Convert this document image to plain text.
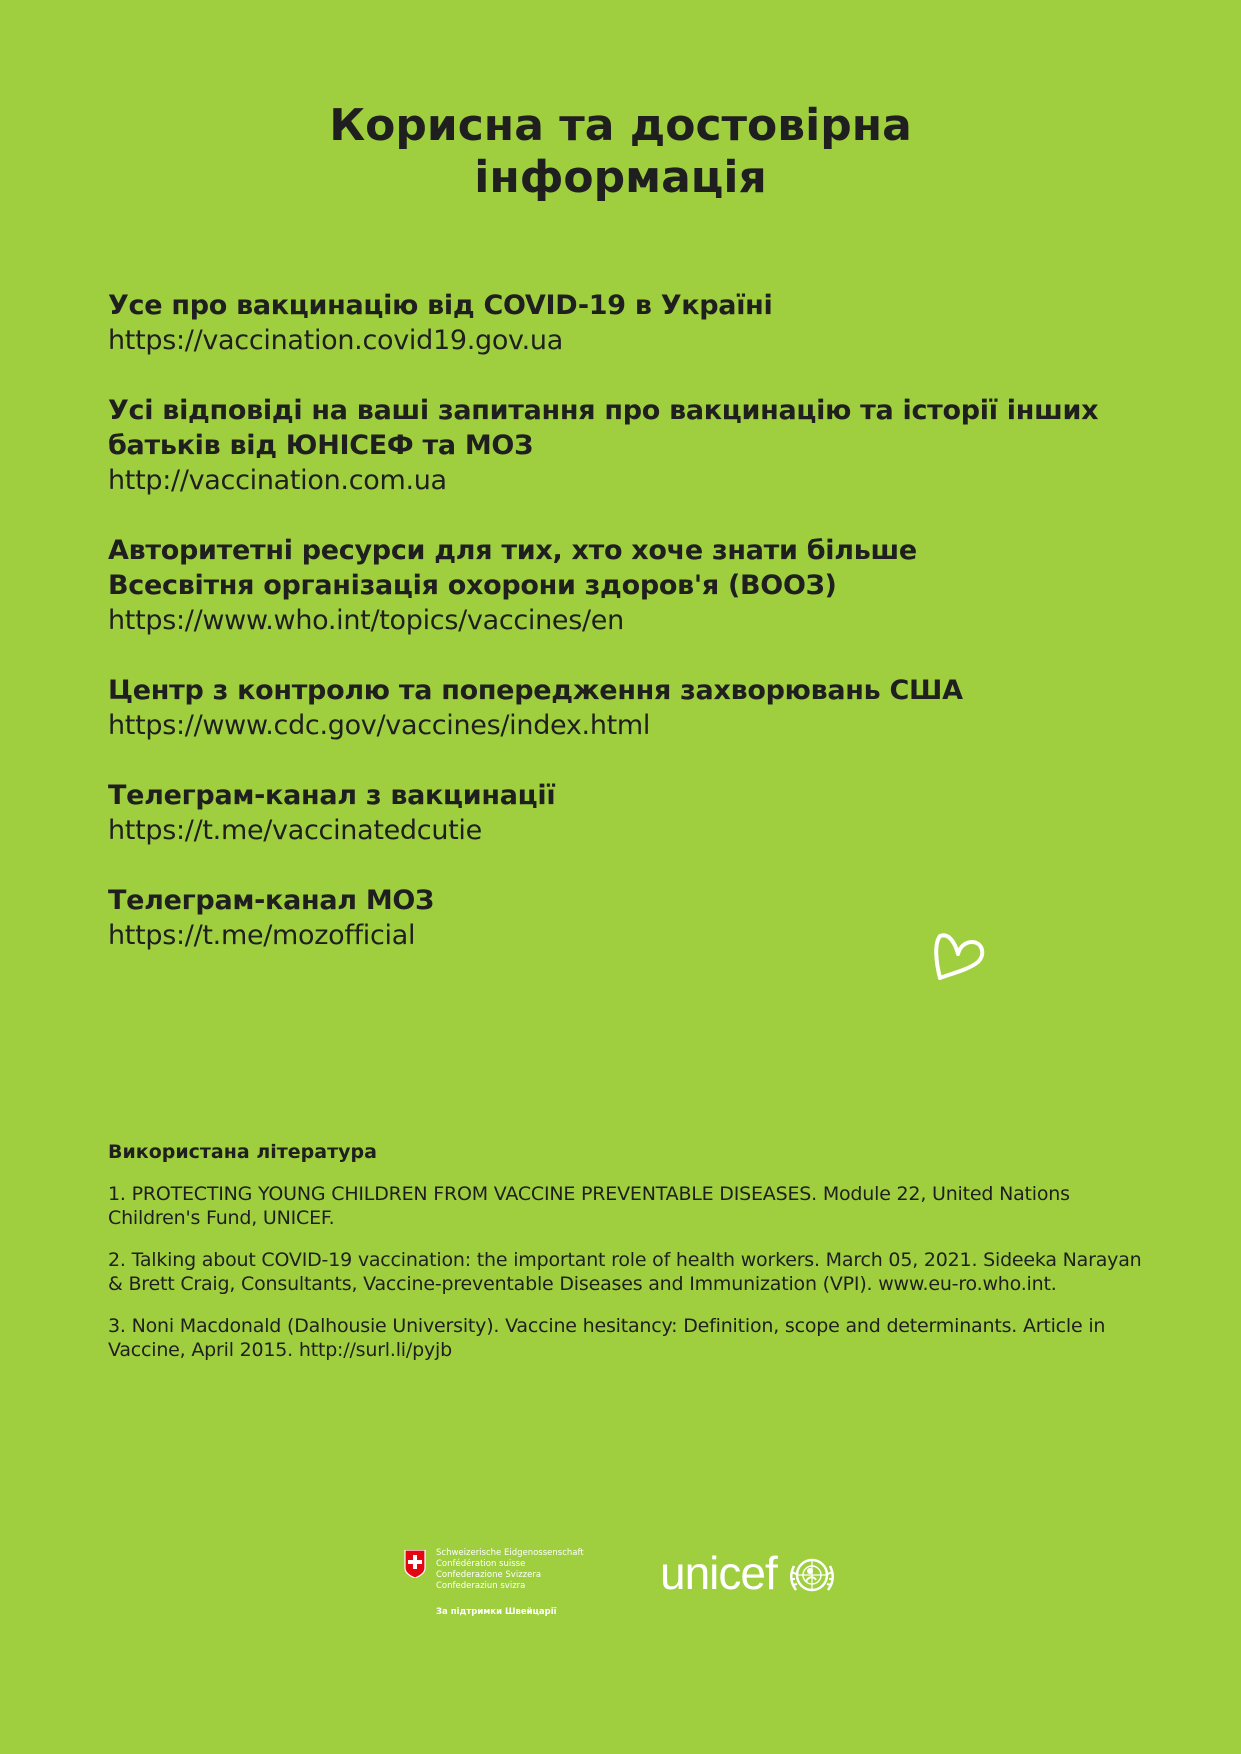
Корисна та достовірна
інформація
Усе про вакцинацію від COVID-19 в Україні
https://vaccination.covid19.gov.ua
Усі відповіді на ваші запитання про вакцинацію та історії інших батьків від ЮНІСЕФ та МОЗ
http://vaccination.com.ua
Авторитетні ресурси для тих, хто хоче знати більше
Всесвітня організація охорони здоров'я (ВООЗ)
https://www.who.int/topics/vaccines/en
Центр з контролю та попередження захворювань США
https://www.cdc.gov/vaccines/index.html
Телеграм-канал з вакцинації
https://t.me/vaccinatedcutie
Телеграм-канал МОЗ
https://t.me/mozofficial
Використана література
1. PROTECTING YOUNG CHILDREN FROM VACCINE PREVENTABLE DISEASES. Module 22, United Nations Children's Fund, UNICEF.
2. Talking about COVID-19 vaccination: the important role of health workers. March 05, 2021. Sideeka Narayan & Brett Craig, Consultants, Vaccine-preventable Diseases and Immunization (VPI). www.eu-ro.who.int.
3. Noni Macdonald (Dalhousie University). Vaccine hesitancy: Definition, scope and determinants. Article in Vaccine, April 2015. http://surl.li/pyjb
Schweizerische Eidgenossenschaft
Confédération suisse
Confederazione Svizzera
Confederaziun svizra
За підтримки Швейцарії
unicef
